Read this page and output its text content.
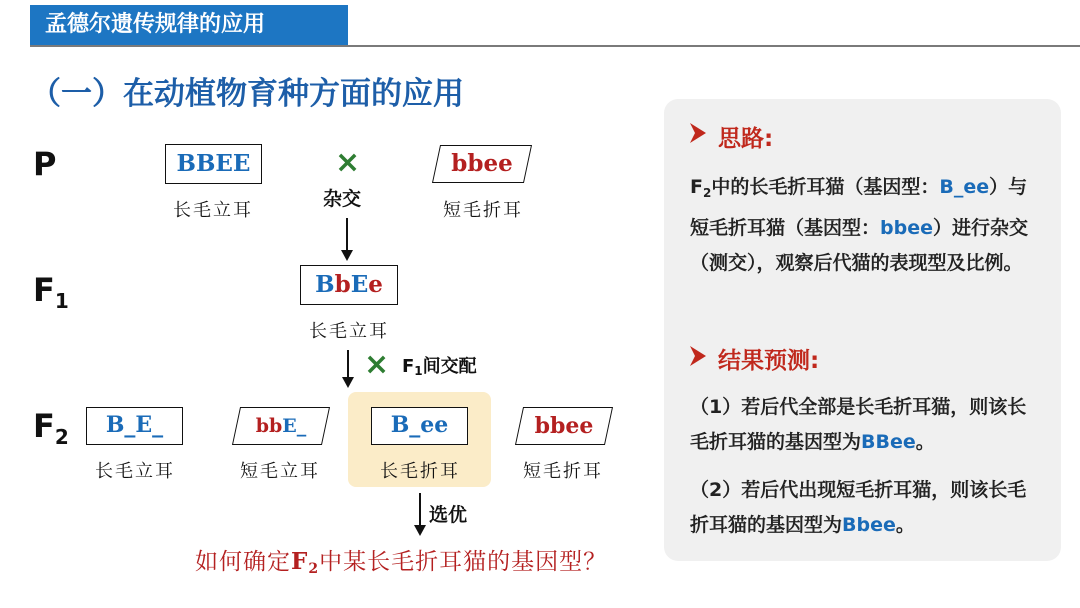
孟德尔遗传规律的应用
（一）在动植物育种方面的应用
P
$F_1$
$F_2$
BBEE
长毛立耳
×
杂交
bbee
短毛折耳
BbEe
长毛立耳
× F1间交配
B_E_
长毛立耳
bbE_
短毛立耳
B_ee
长毛折耳
bbee
短毛折耳
选优
如何确定F2中某长毛折耳猫的基因型？
思路:
$F_2$中的长毛折耳猫（基因型：B_ee）与短毛折耳猫（基因型：bbee）进行杂交（测交），观察后代猫的表现型及比例。
结果预测:
（1）若后代全部是长毛折耳猫，则该长毛折耳猫的基因型为BBee。
（2）若后代出现短毛折耳猫，则该长毛折耳猫的基因型为Bbee。
